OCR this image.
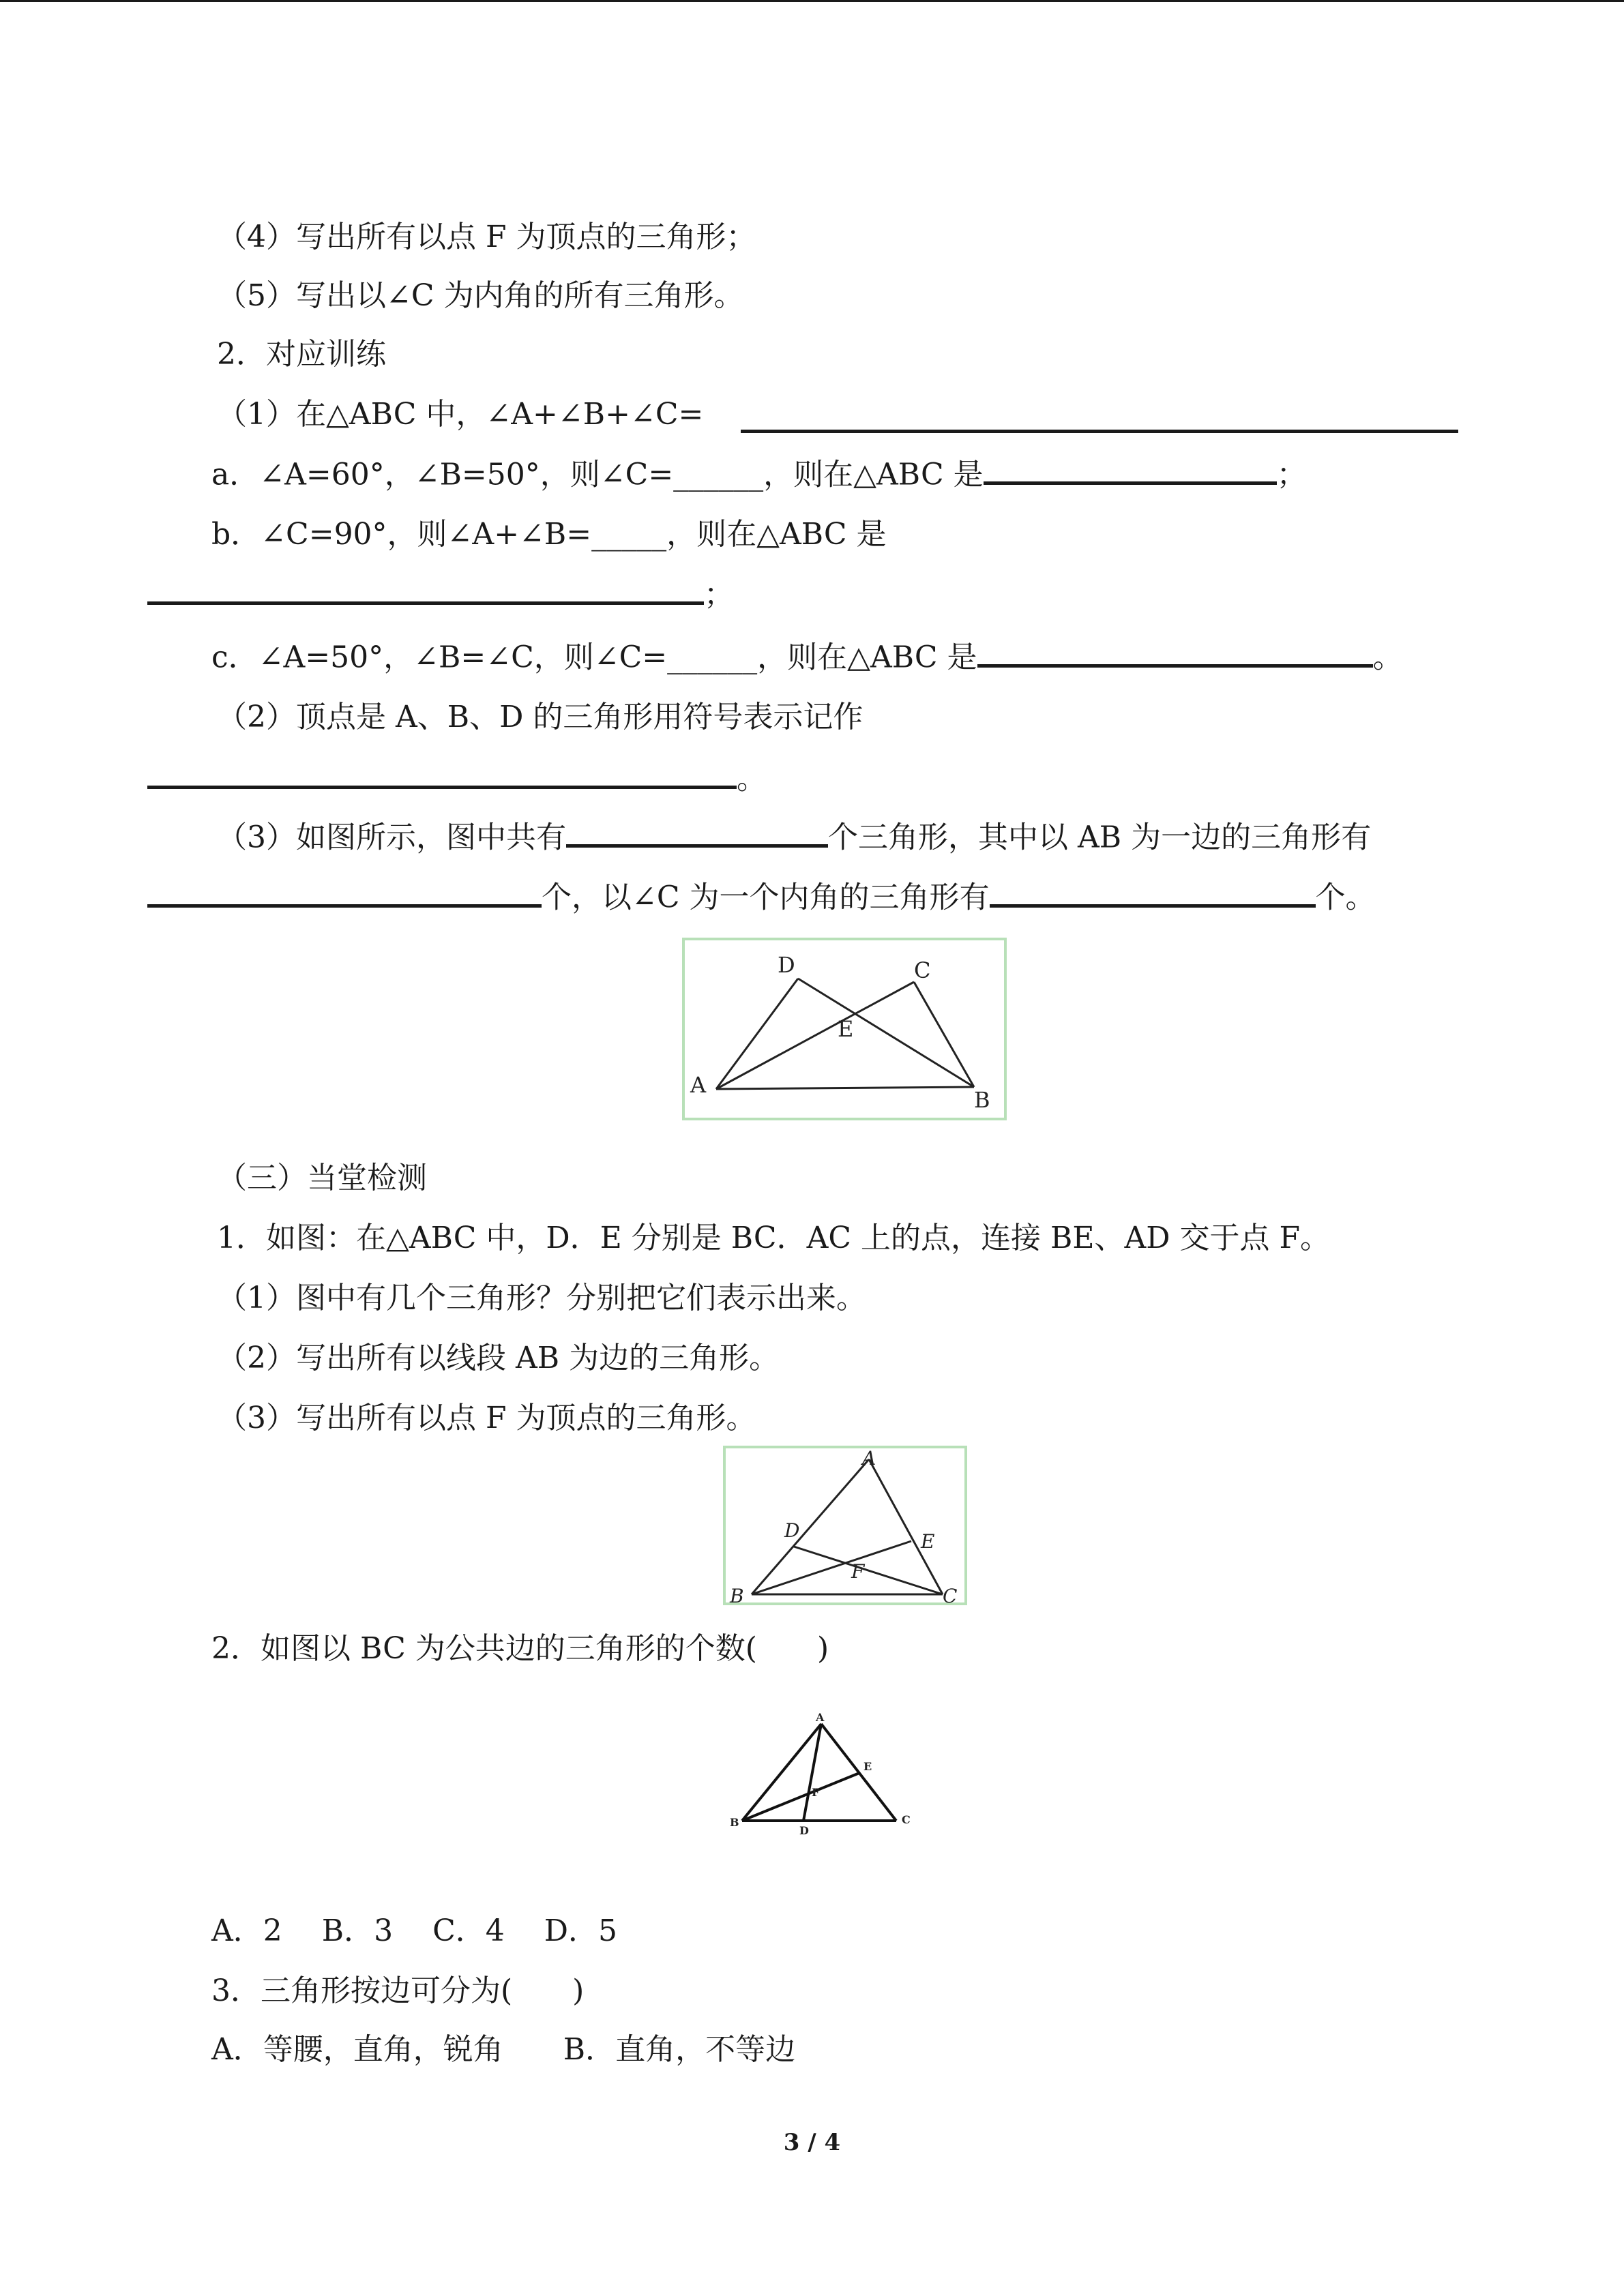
（4）写出所有以点 F 为顶点的三角形；
（5）写出以∠C 为内角的所有三角形。
2．对应训练
（1）在△ABC 中，∠A+∠B+∠C=
a．∠A=60°，∠B=50°，则∠C=______，则在△ABC 是	；
b．∠C=90°，则∠A+∠B=_____，则在△ABC 是
；
c．∠A=50°，∠B=∠C，则∠C=______，则在△ABC 是	。
（2）顶点是 A、B、D 的三角形用符号表示记作
。
（3）如图所示，图中共有	个三角形，其中以 AB 为一边的三角形有
个，以∠C 为一个内角的三角形有	个。
D	C
E
A
B
（三）当堂检测
1．如图：在△ABC 中，D．E 分别是 BC．AC 上的点，连接 BE、AD 交于点 F。
（1）图中有几个三角形？分别把它们表示出来。
（2）写出所有以线段 AB 为边的三角形。
（3）写出所有以点 F 为顶点的三角形。
A
D	E
F
B	C
2．如图以 BC 为公共边的三角形的个数(　　)
A
E
F
B
D
C
A．2　 B．3　 C．4　 D．5
3．三角形按边可分为(　　)
A．等腰，直角，锐角　　B．直角，不等边
3 / 4
